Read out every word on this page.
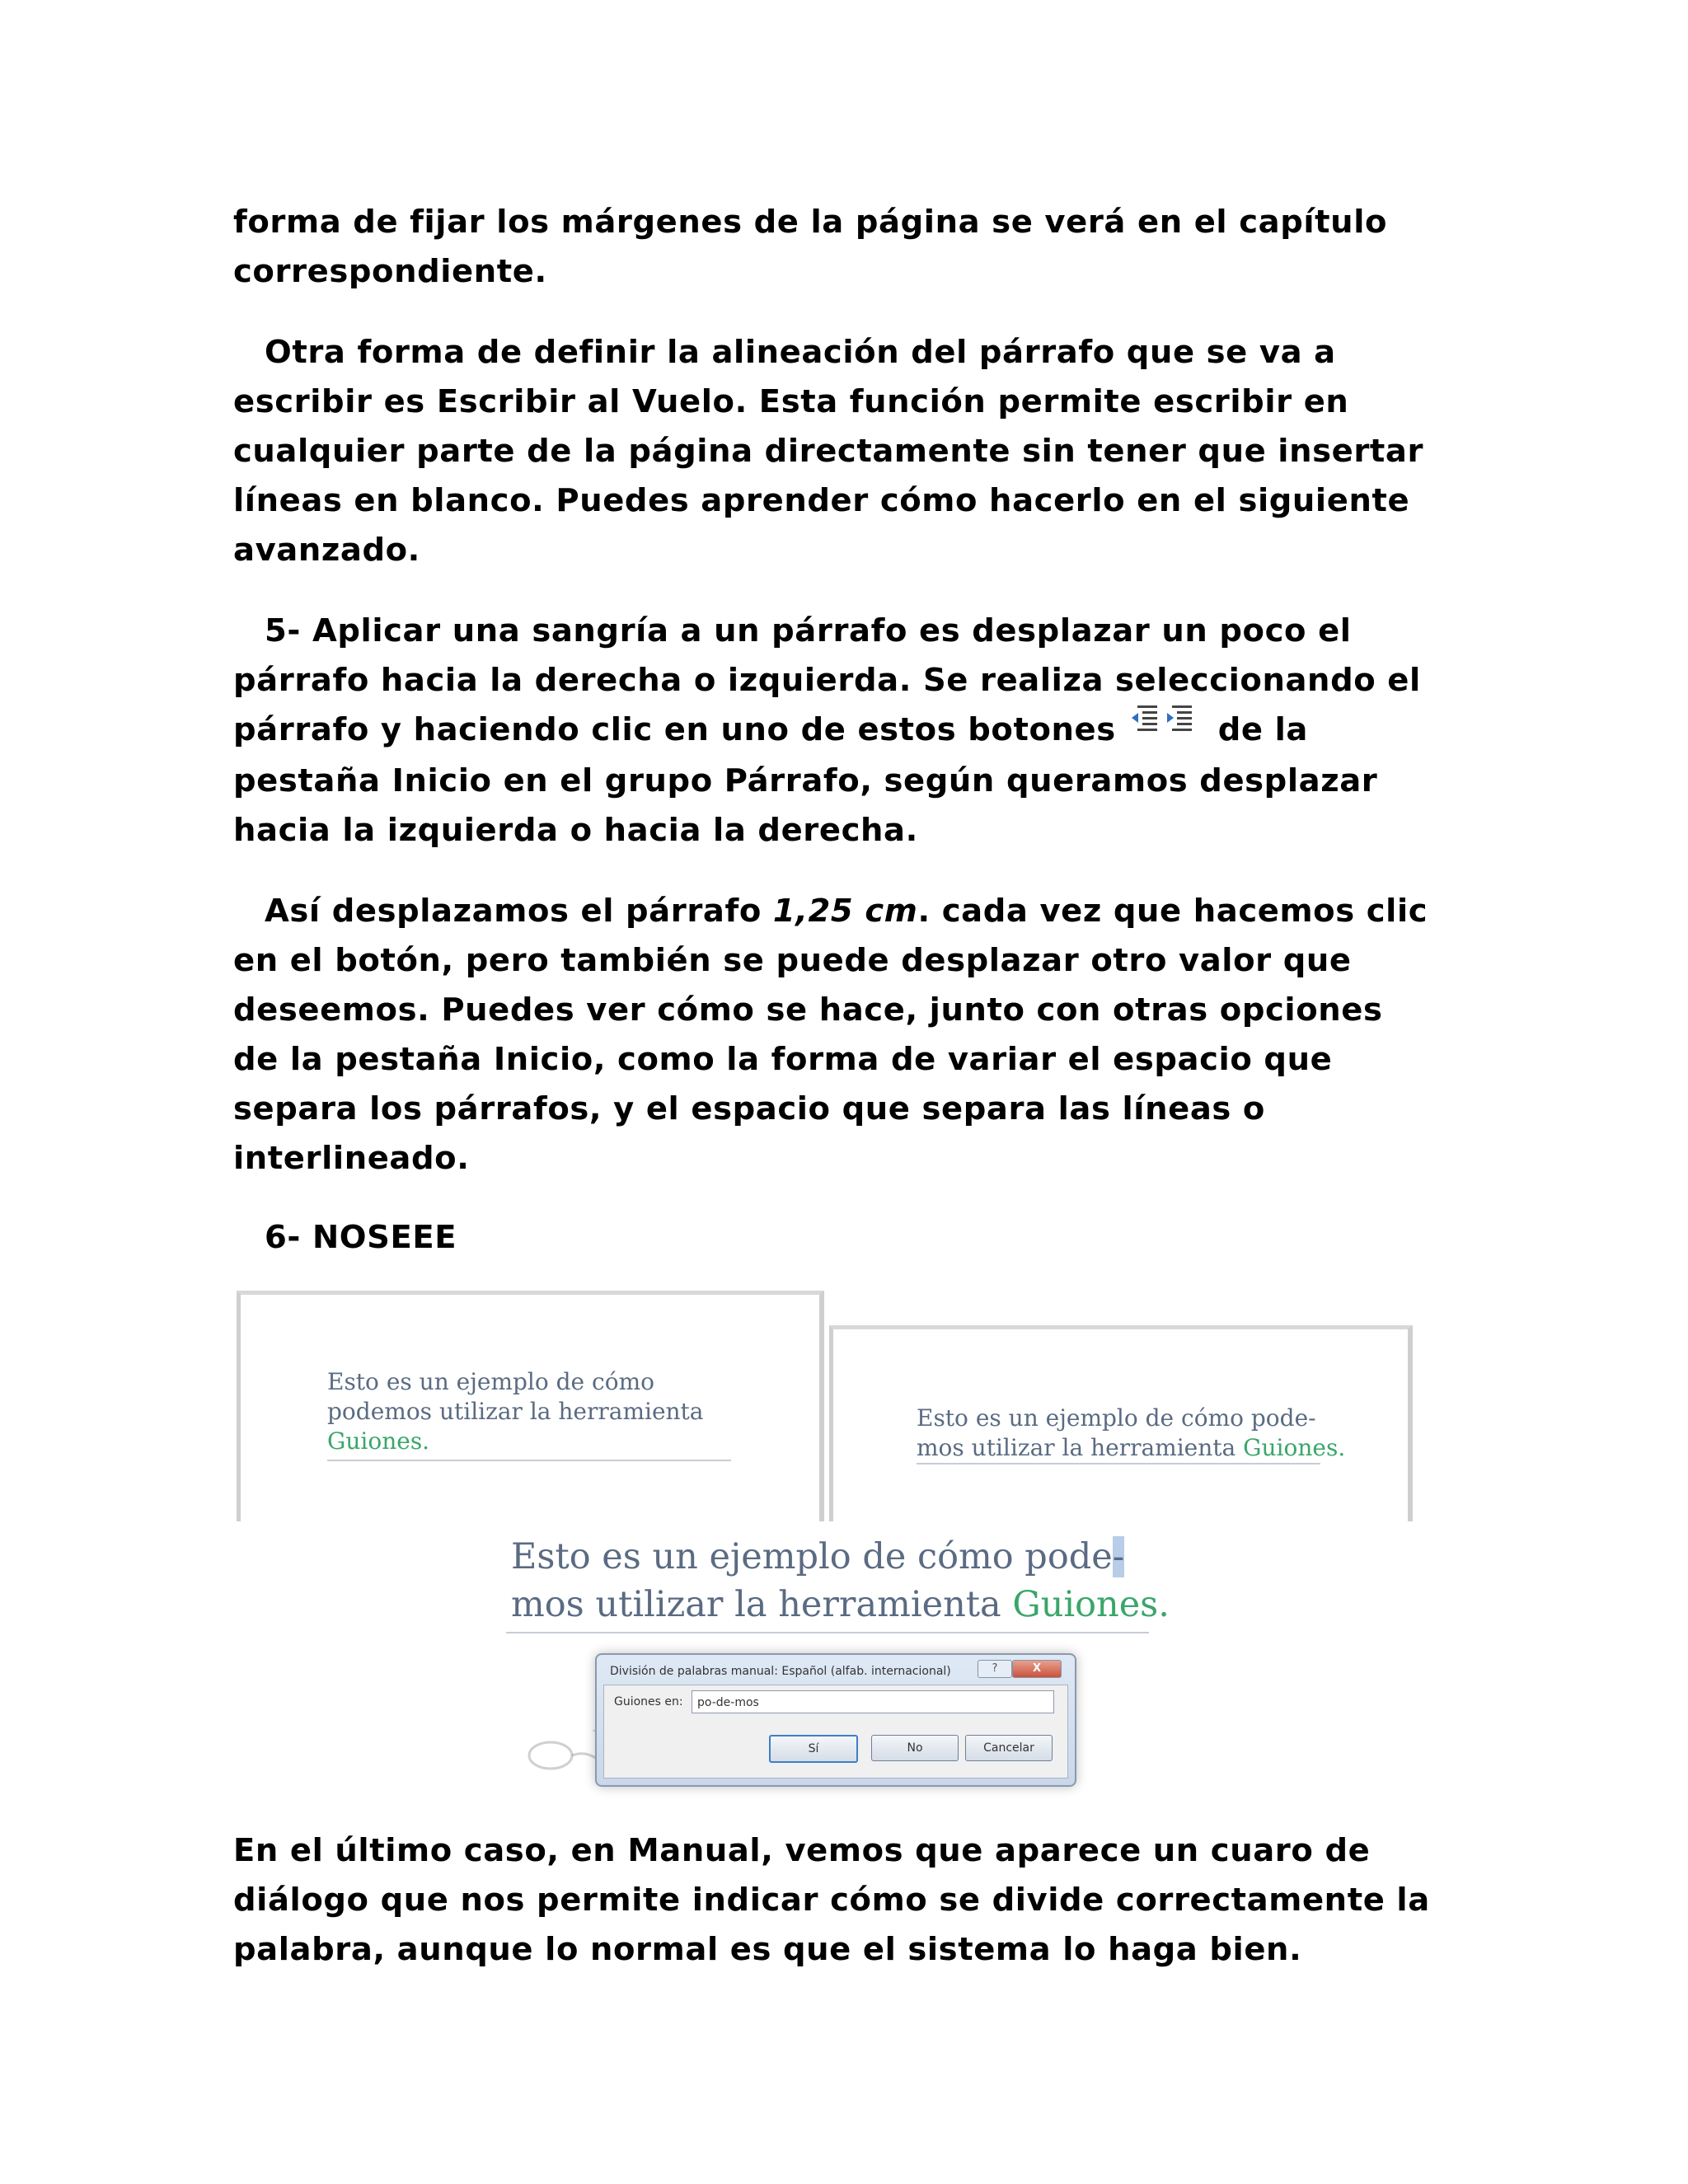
forma de fijar los márgenes de la página se verá en el capítulo
correspondiente.

Otra forma de definir la alineación del párrafo que se va a
escribir es Escribir al Vuelo. Esta función permite escribir en
cualquier parte de la página directamente sin tener que insertar
líneas en blanco. Puedes aprender cómo hacerlo en el siguiente
avanzado.

5- Aplicar una sangría a un párrafo es desplazar un poco el
párrafo hacia la derecha o izquierda. Se realiza seleccionando el
párrafo y haciendo clic en uno de estos botones	de la
pestaña Inicio en el grupo Párrafo, según queramos desplazar
hacia la izquierda o hacia la derecha.

Así desplazamos el párrafo 1,25 cm. cada vez que hacemos clic
en el botón, pero también se puede desplazar otro valor que
deseemos. Puedes ver cómo se hace, junto con otras opciones
de la pestaña Inicio, como la forma de variar el espacio que
separa los párrafos, y el espacio que separa las líneas o
interlineado.

6- NOSEEE

Esto es un ejemplo de cómo
podemos utilizar la herramienta
Guiones.
Esto es un ejemplo de cómo pode-
mos utilizar la herramienta Guiones.
Esto es un ejemplo de cómo pode-
mos utilizar la herramienta Guiones.
División de palabras manual: Español (alfab. internacional)	?	X
Guiones en:	po-de-mos
Sí	No	Cancelar

En el último caso, en Manual, vemos que aparece un cuaro de
diálogo que nos permite indicar cómo se divide correctamente la
palabra, aunque lo normal es que el sistema lo haga bien.
